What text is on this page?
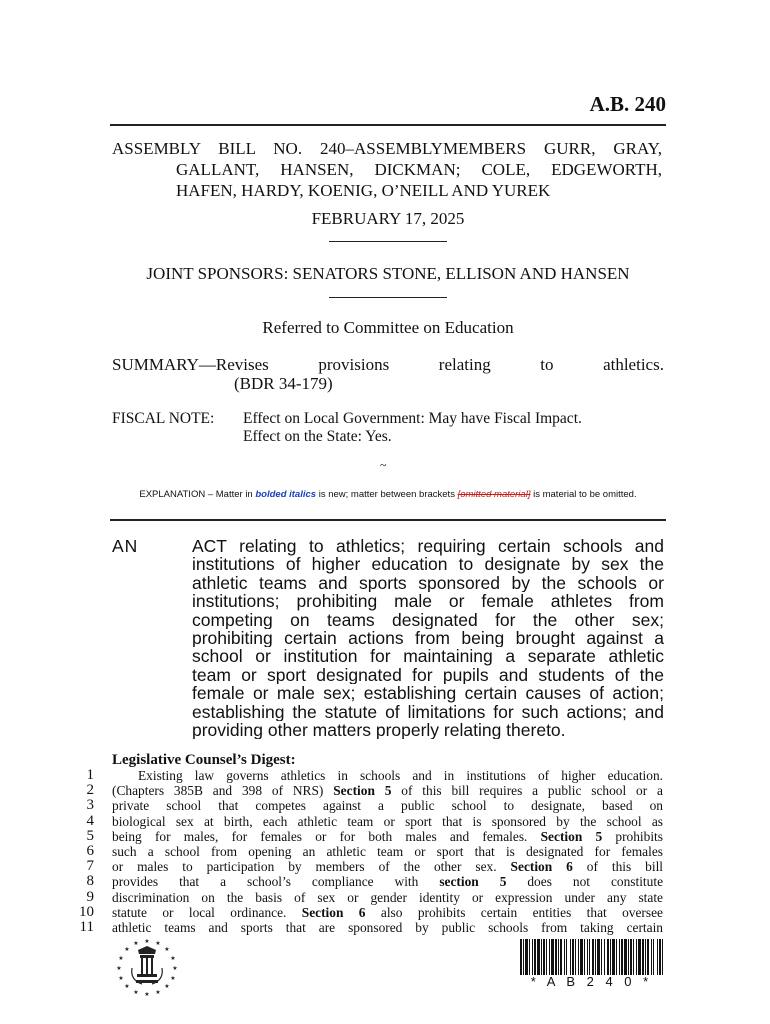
A.B. 240
ASSEMBLY BILL NO. 240–ASSEMBLYMEMBERS GURR, GRAY,
GALLANT, HANSEN, DICKMAN; COLE, EDGEWORTH,
HAFEN, HARDY, KOENIG, O’NEILL AND YUREK
FEBRUARY 17, 2025
JOINT SPONSORS: SENATORS STONE, ELLISON AND HANSEN
Referred to Committee on Education
SUMMARY—Revises	provisions	relating	to	athletics.
(BDR 34-179)
FISCAL NOTE: Effect on Local Government: May have Fiscal Impact.
Effect on the State: Yes.
~
EXPLANATION – Matter in bolded italics is new; matter between brackets [omitted material] is material to be omitted.
AN	ACT relating to athletics; requiring certain schools and
institutions of higher education to designate by sex the
athletic teams and sports sponsored by the schools or
institutions; prohibiting male or female athletes from
competing on teams designated for the other sex;
prohibiting certain actions from being brought against a
school or institution for maintaining a separate athletic
team or sport designated for pupils and students of the
female or male sex; establishing certain causes of action;
establishing the statute of limitations for such actions; and
providing other matters properly relating thereto.
Legislative Counsel’s Digest:
1
2
3
4
5
6
7
8
9
10
11
Existing law governs athletics in schools and in institutions of higher education.
(Chapters 385B and 398 of NRS) Section 5 of this bill requires a public school or a
private school that competes against a public school to designate, based on
biological sex at birth, each athletic team or sport that is sponsored by the school as
being for males, for females or for both males and females. Section 5 prohibits
such a school from opening an athletic team or sport that is designated for females
or males to participation by members of the other sex. Section 6 of this bill
provides that a school’s compliance with section 5 does not constitute
discrimination on the basis of sex or gender identity or expression under any state
statute or local ordinance. Section 6 also prohibits certain entities that oversee
athletic teams and sports that are sponsored by public schools from taking certain
★
★	★
★	★
★	★
★	★
★	★
★	★
★	★
★
* A B 2 4 0 *
